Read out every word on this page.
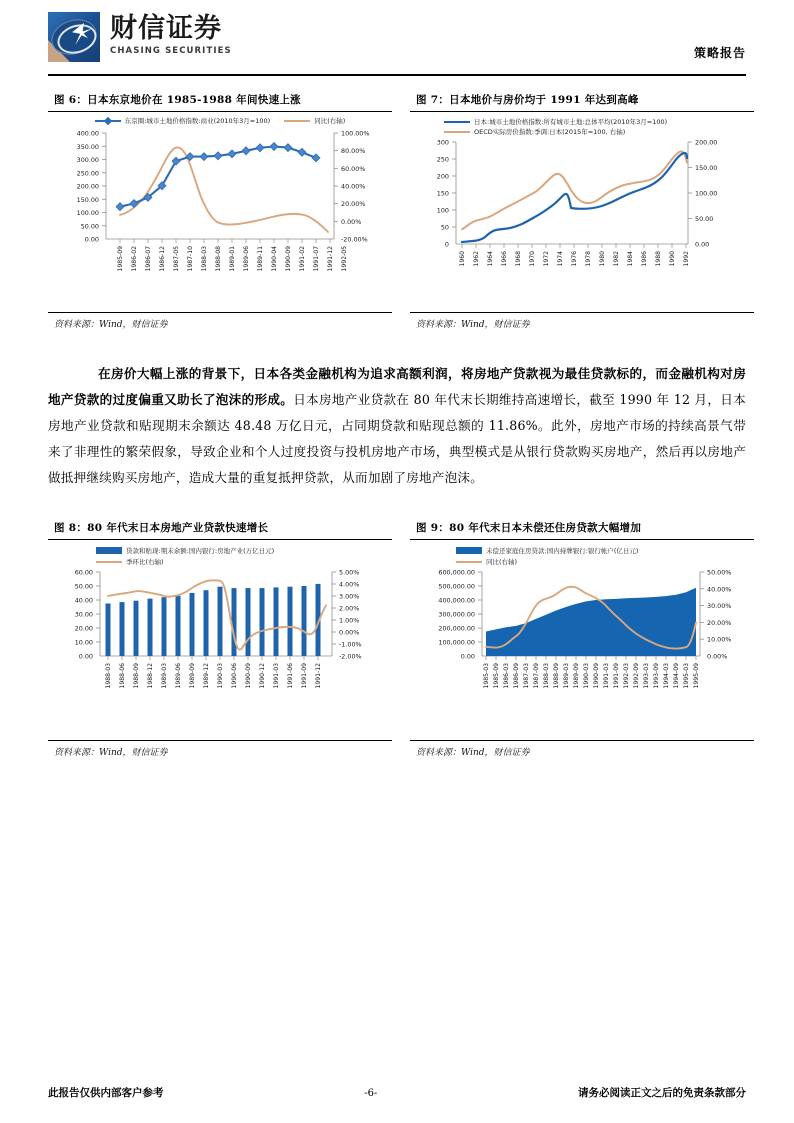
财信证券
CHASING SECURITIES	策略报告
图 6：日本东京地价在 1985-1988 年间快速上涨
东京圈:城市土地价格指数:商业(2010年3月=100)	同比(右轴)
400.00
350.00
300.00
250.00
200.00
150.00
100.00
50.00
0.00
100.00%
80.00%
60.00%
40.00%
20.00%
0.00%
-20.00%
1985-09 1986-02 1986-07 1986-12 1987-05 1987-10 1988-03 1988-08 1989-01 1989-06 1989-11 1990-04 1990-09 1991-02 1991-07 1991-12 1992-05
资料来源：Wind，财信证券
图 7：日本地价与房价均于 1991 年达到高峰
日本:城市土地价格指数:所有城市土地:总体平均(2010年3月=100)
OECD实际房价指数:季调:日本(2015年=100, 右轴)
300
250
200
150
100
50
0
200.00
150.00
100.00
50.00
0.00
1960 1962 1964 1966 1968 1970 1972 1974 1976 1978 1980 1982 1984 1986 1988 1990 1992
资料来源：Wind，财信证券

在房价大幅上涨的背景下，日本各类金融机构为追求高额利润，将房地产贷款视为最佳贷款标的，而金融机构对房地产贷款的过度偏重又助长了泡沫的形成。日本房地产业贷款在 80 年代末长期维持高速增长，截至 1990 年 12 月，日本房地产业贷款和贴现期末余额达 48.48 万亿日元，占同期贷款和贴现总额的 11.86%。此外，房地产市场的持续高景气带来了非理性的繁荣假象，导致企业和个人过度投资与投机房地产市场，典型模式是从银行贷款购买房地产，然后再以房地产做抵押继续购买房地产，造成大量的重复抵押贷款，从而加剧了房地产泡沫。

图 8：80 年代末日本房地产业贷款快速增长
贷款和贴现:期末余额:国内银行:房地产业(万亿日元)
季环比(右轴)
60.00
50.00
40.00
30.00
20.00
10.00
0.00
5.00%
4.00%
3.00%
2.00%
1.00%
0.00%
-1.00%
-2.00%
1988-03 1988-06 1988-09 1988-12 1989-03 1989-06 1989-09 1989-12 1990-03 1990-06 1990-09 1990-12 1991-03 1991-06 1991-09 1991-12
资料来源：Wind，财信证券
图 9：80 年代末日本未偿还住房贷款大幅增加
未偿还家庭住房贷款:国内持牌银行:银行帐户(亿日元)
同比(右轴)
600,000.00
500,000.00
400,000.00
300,000.00
200,000.00
100,000.00
0.00
50.00%
40.00%
30.00%
20.00%
10.00%
0.00%
1985-03 1985-09 1986-03 1986-09 1987-03 1987-09 1988-03 1988-09 1989-03 1989-09 1990-03 1990-09 1991-03 1991-09 1992-03 1992-09 1993-03 1993-09 1994-03 1994-09 1995-03 1995-09
资料来源：Wind，财信证券
此报告仅供内部客户参考	-6-	请务必阅读正文之后的免责条款部分
